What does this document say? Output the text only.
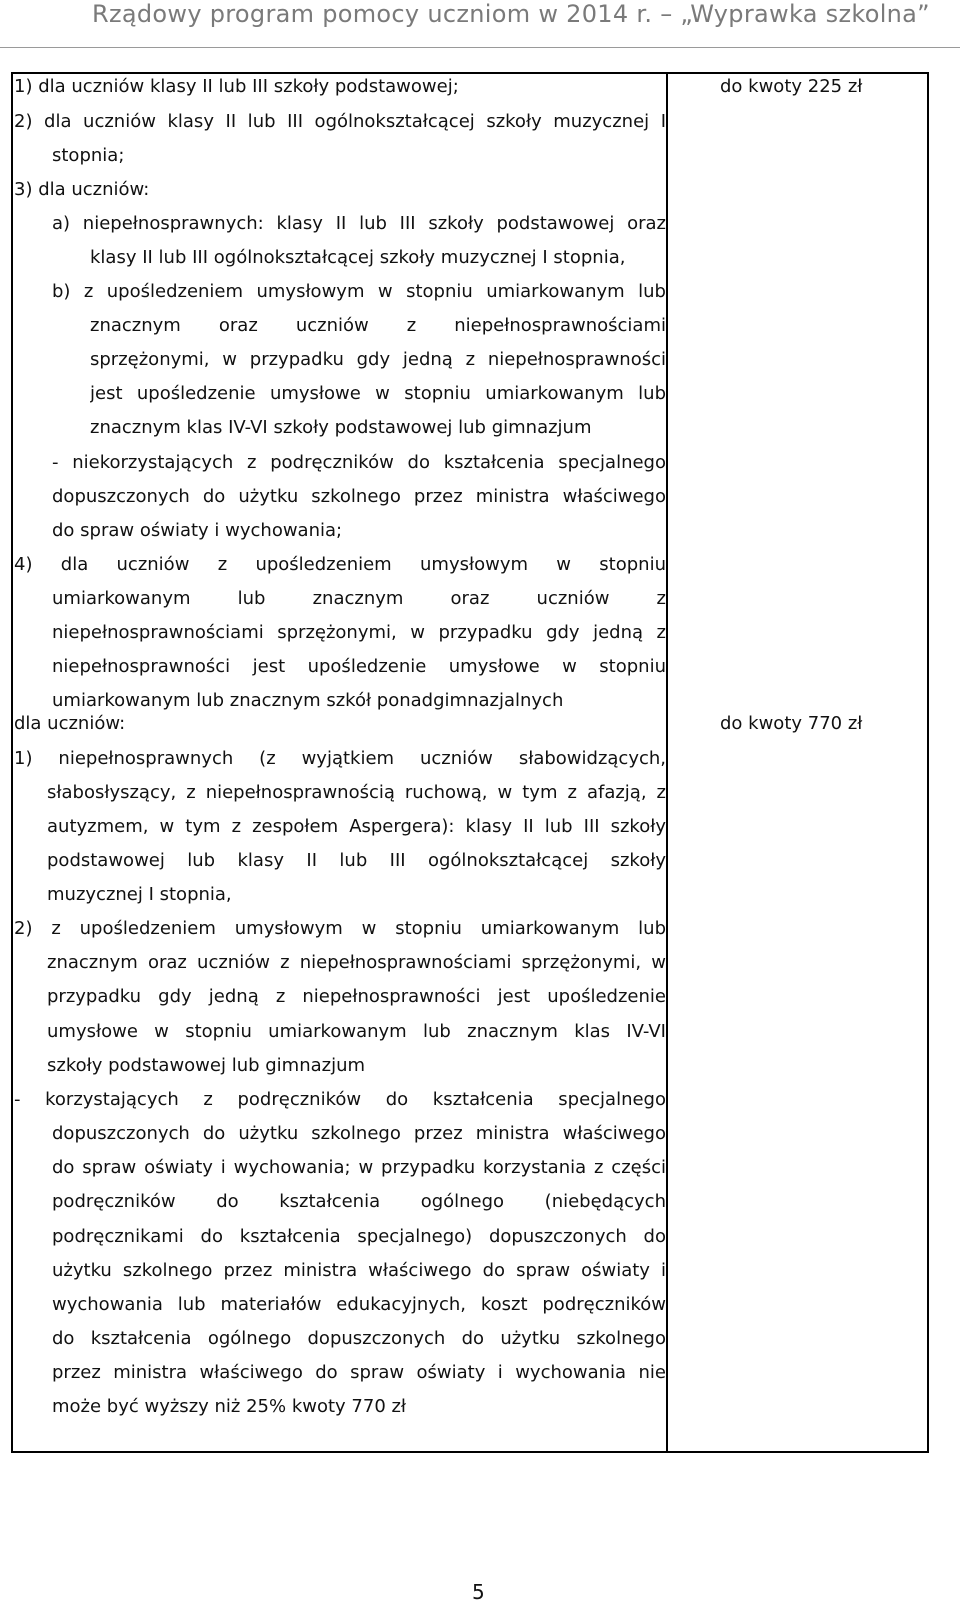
Rządowy program pomocy uczniom w 2014 r. – „Wyprawka szkolna”
do kwoty 225 zł
1) dla uczniów klasy II lub III szkoły podstawowej;
2) dla uczniów klasy II lub III ogólnokształcącej szkoły muzycznej I
stopnia;
3) dla uczniów:
a) niepełnosprawnych: klasy II lub III szkoły podstawowej oraz
klasy II lub III ogólnokształcącej szkoły muzycznej I stopnia,
b) z upośledzeniem umysłowym w stopniu umiarkowanym lub
znacznym oraz uczniów z niepełnosprawnościami
sprzężonymi, w przypadku gdy jedną z niepełnosprawności
jest upośledzenie umysłowe w stopniu umiarkowanym lub
znacznym klas IV-VI szkoły podstawowej lub gimnazjum
- niekorzystających z podręczników do kształcenia specjalnego
dopuszczonych do użytku szkolnego przez ministra właściwego
do spraw oświaty i wychowania;
4) dla uczniów z upośledzeniem umysłowym w stopniu
umiarkowanym lub znacznym oraz uczniów z
niepełnosprawnościami sprzężonymi, w przypadku gdy jedną z
niepełnosprawności jest upośledzenie umysłowe w stopniu
umiarkowanym lub znacznym szkół ponadgimnazjalnych
do kwoty 770 zł
dla uczniów:
1) niepełnosprawnych (z wyjątkiem uczniów słabowidzących,
słabosłyszący, z niepełnosprawnością ruchową, w tym z afazją, z
autyzmem, w tym z zespołem Aspergera): klasy II lub III szkoły
podstawowej lub klasy II lub III ogólnokształcącej szkoły
muzycznej I stopnia,
2) z upośledzeniem umysłowym w stopniu umiarkowanym lub
znacznym oraz uczniów z niepełnosprawnościami sprzężonymi, w
przypadku gdy jedną z niepełnosprawności jest upośledzenie
umysłowe w stopniu umiarkowanym lub znacznym klas IV-VI
szkoły podstawowej lub gimnazjum
- korzystających z podręczników do kształcenia specjalnego
dopuszczonych do użytku szkolnego przez ministra właściwego
do spraw oświaty i wychowania; w przypadku korzystania z części
podręczników do kształcenia ogólnego (niebędących
podręcznikami do kształcenia specjalnego) dopuszczonych do
użytku szkolnego przez ministra właściwego do spraw oświaty i
wychowania lub materiałów edukacyjnych, koszt podręczników
do kształcenia ogólnego dopuszczonych do użytku szkolnego
przez ministra właściwego do spraw oświaty i wychowania nie
może być wyższy niż 25% kwoty 770 zł
5
